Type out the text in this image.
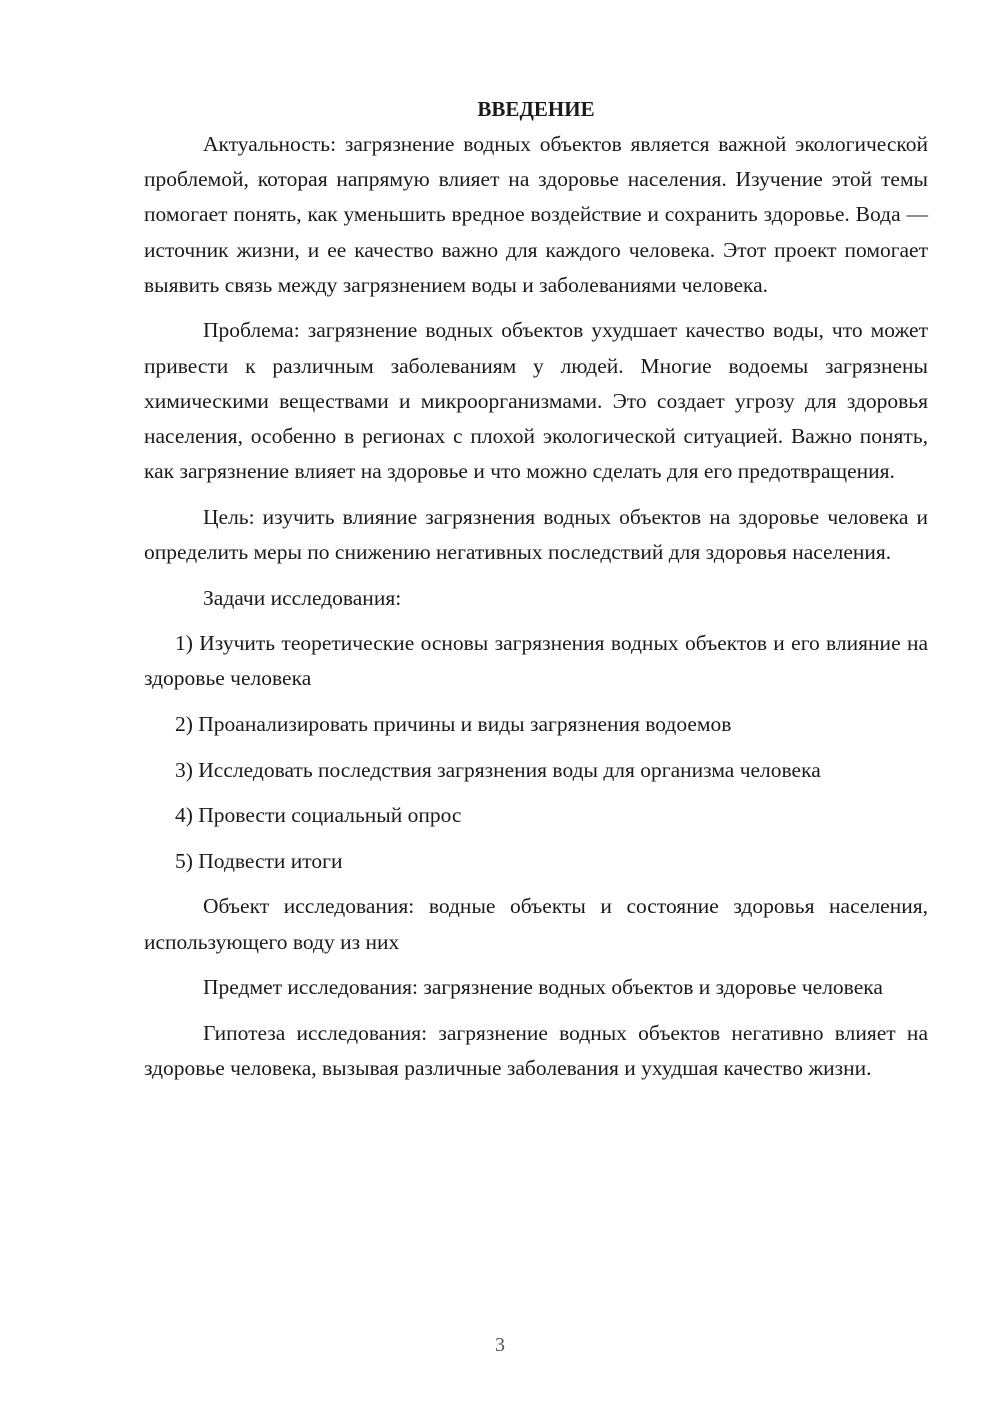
ВВЕДЕНИЕ

Актуальность: загрязнение водных объектов является важной экологической проблемой, которая напрямую влияет на здоровье населения. Изучение этой темы помогает понять, как уменьшить вредное воздействие и сохранить здоровье. Вода — источник жизни, и ее качество важно для каждого человека. Этот проект помогает выявить связь между загрязнением воды и заболеваниями человека.

Проблема: загрязнение водных объектов ухудшает качество воды, что может привести к различным заболеваниям у людей. Многие водоемы загрязнены химическими веществами и микроорганизмами. Это создает угрозу для здоровья населения, особенно в регионах с плохой экологической ситуацией. Важно понять, как загрязнение влияет на здоровье и что можно сделать для его предотвращения.

Цель: изучить влияние загрязнения водных объектов на здоровье человека и определить меры по снижению негативных последствий для здоровья населения.

Задачи исследования:

1) Изучить теоретические основы загрязнения водных объектов и его влияние на здоровье человека

2) Проанализировать причины и виды загрязнения водоемов

3) Исследовать последствия загрязнения воды для организма человека

4) Провести социальный опрос

5) Подвести итоги

Объект исследования: водные объекты и состояние здоровья населения, использующего воду из них

Предмет исследования: загрязнение водных объектов и здоровье человека

Гипотеза исследования: загрязнение водных объектов негативно влияет на здоровье человека, вызывая различные заболевания и ухудшая качество жизни.

3
